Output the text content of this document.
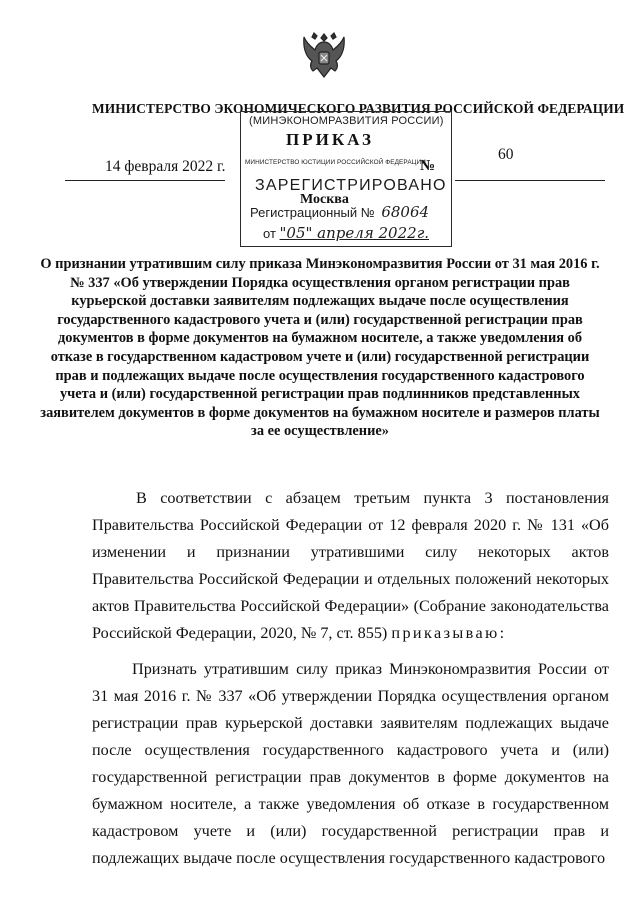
МИНИСТЕРСТВО ЭКОНОМИЧЕСКОГО РАЗВИТИЯ РОССИЙСКОЙ ФЕДЕРАЦИИ
ПРИКАЗ
14 февраля 2022 г.	№
60
Москва
(МИНЭКОНОМРАЗВИТИЯ РОССИИ)
МИНИСТЕРСТВО ЮСТИЦИИ РОССИЙСКОЙ ФЕДЕРАЦИИ
ЗАРЕГИСТРИРОВАНО
Регистрационный № 68064
от "05" апреля 2022г.
О признании утратившим силу приказа Минэкономразвития России от 31 мая 2016 г. № 337 «Об утверждении Порядка осуществления органом регистрации прав курьерской доставки заявителям подлежащих выдаче после осуществления государственного кадастрового учета и (или) государственной регистрации прав документов в форме документов на бумажном носителе, а также уведомления об отказе в государственном кадастровом учете и (или) государственной регистрации прав и подлежащих выдаче после осуществления государственного кадастрового учета и (или) государственной регистрации прав подлинников представленных заявителем документов в форме документов на бумажном носителе и размеров платы за ее осуществление»

В соответствии с абзацем третьим пункта 3 постановления Правительства Российской Федерации от 12 февраля 2020 г. № 131 «Об изменении и признании утратившими силу некоторых актов Правительства Российской Федерации и отдельных положений некоторых актов Правительства Российской Федерации» (Собрание законодательства Российской Федерации, 2020, № 7, ст. 855) приказываю:

Признать утратившим силу приказ Минэкономразвития России от 31 мая 2016 г. № 337 «Об утверждении Порядка осуществления органом регистрации прав курьерской доставки заявителям подлежащих выдаче после осуществления государственного кадастрового учета и (или) государственной регистрации прав документов в форме документов на бумажном носителе, а также уведомления об отказе в государственном кадастровом учете и (или) государственной регистрации прав и подлежащих выдаче после осуществления государственного кадастрового
